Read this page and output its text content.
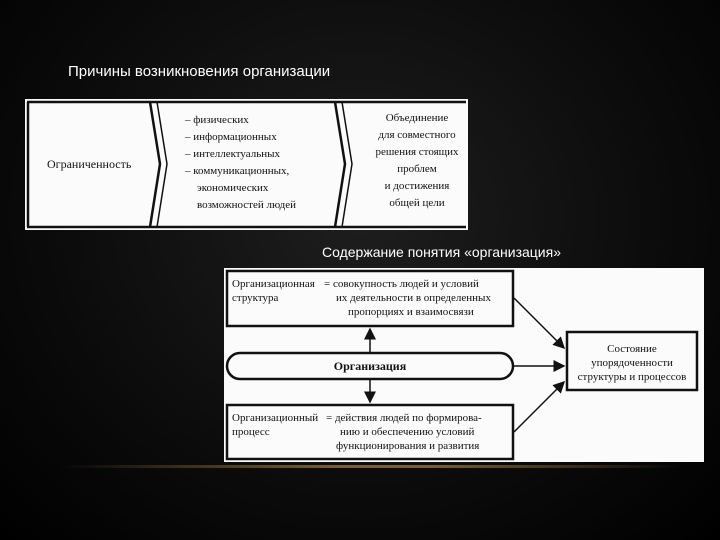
Причины возникновения организации
Ограниченность
– физических
– информационных
– интеллектуальных
– коммуникационных,
экономических
возможностей людей
Объединение
для совместного
решения стоящих
проблем
и достижения
общей цели
Содержание понятия «организация»
Организационная
структура
= совокупность людей и условий
их деятельности в определенных
пропорциях и взаимосвязи
Организация
Организационный
процесс
= действия людей по формирова-
нию и обеспечению условий
функционирования и развития
Состояние
упорядоченности
структуры и процессов
